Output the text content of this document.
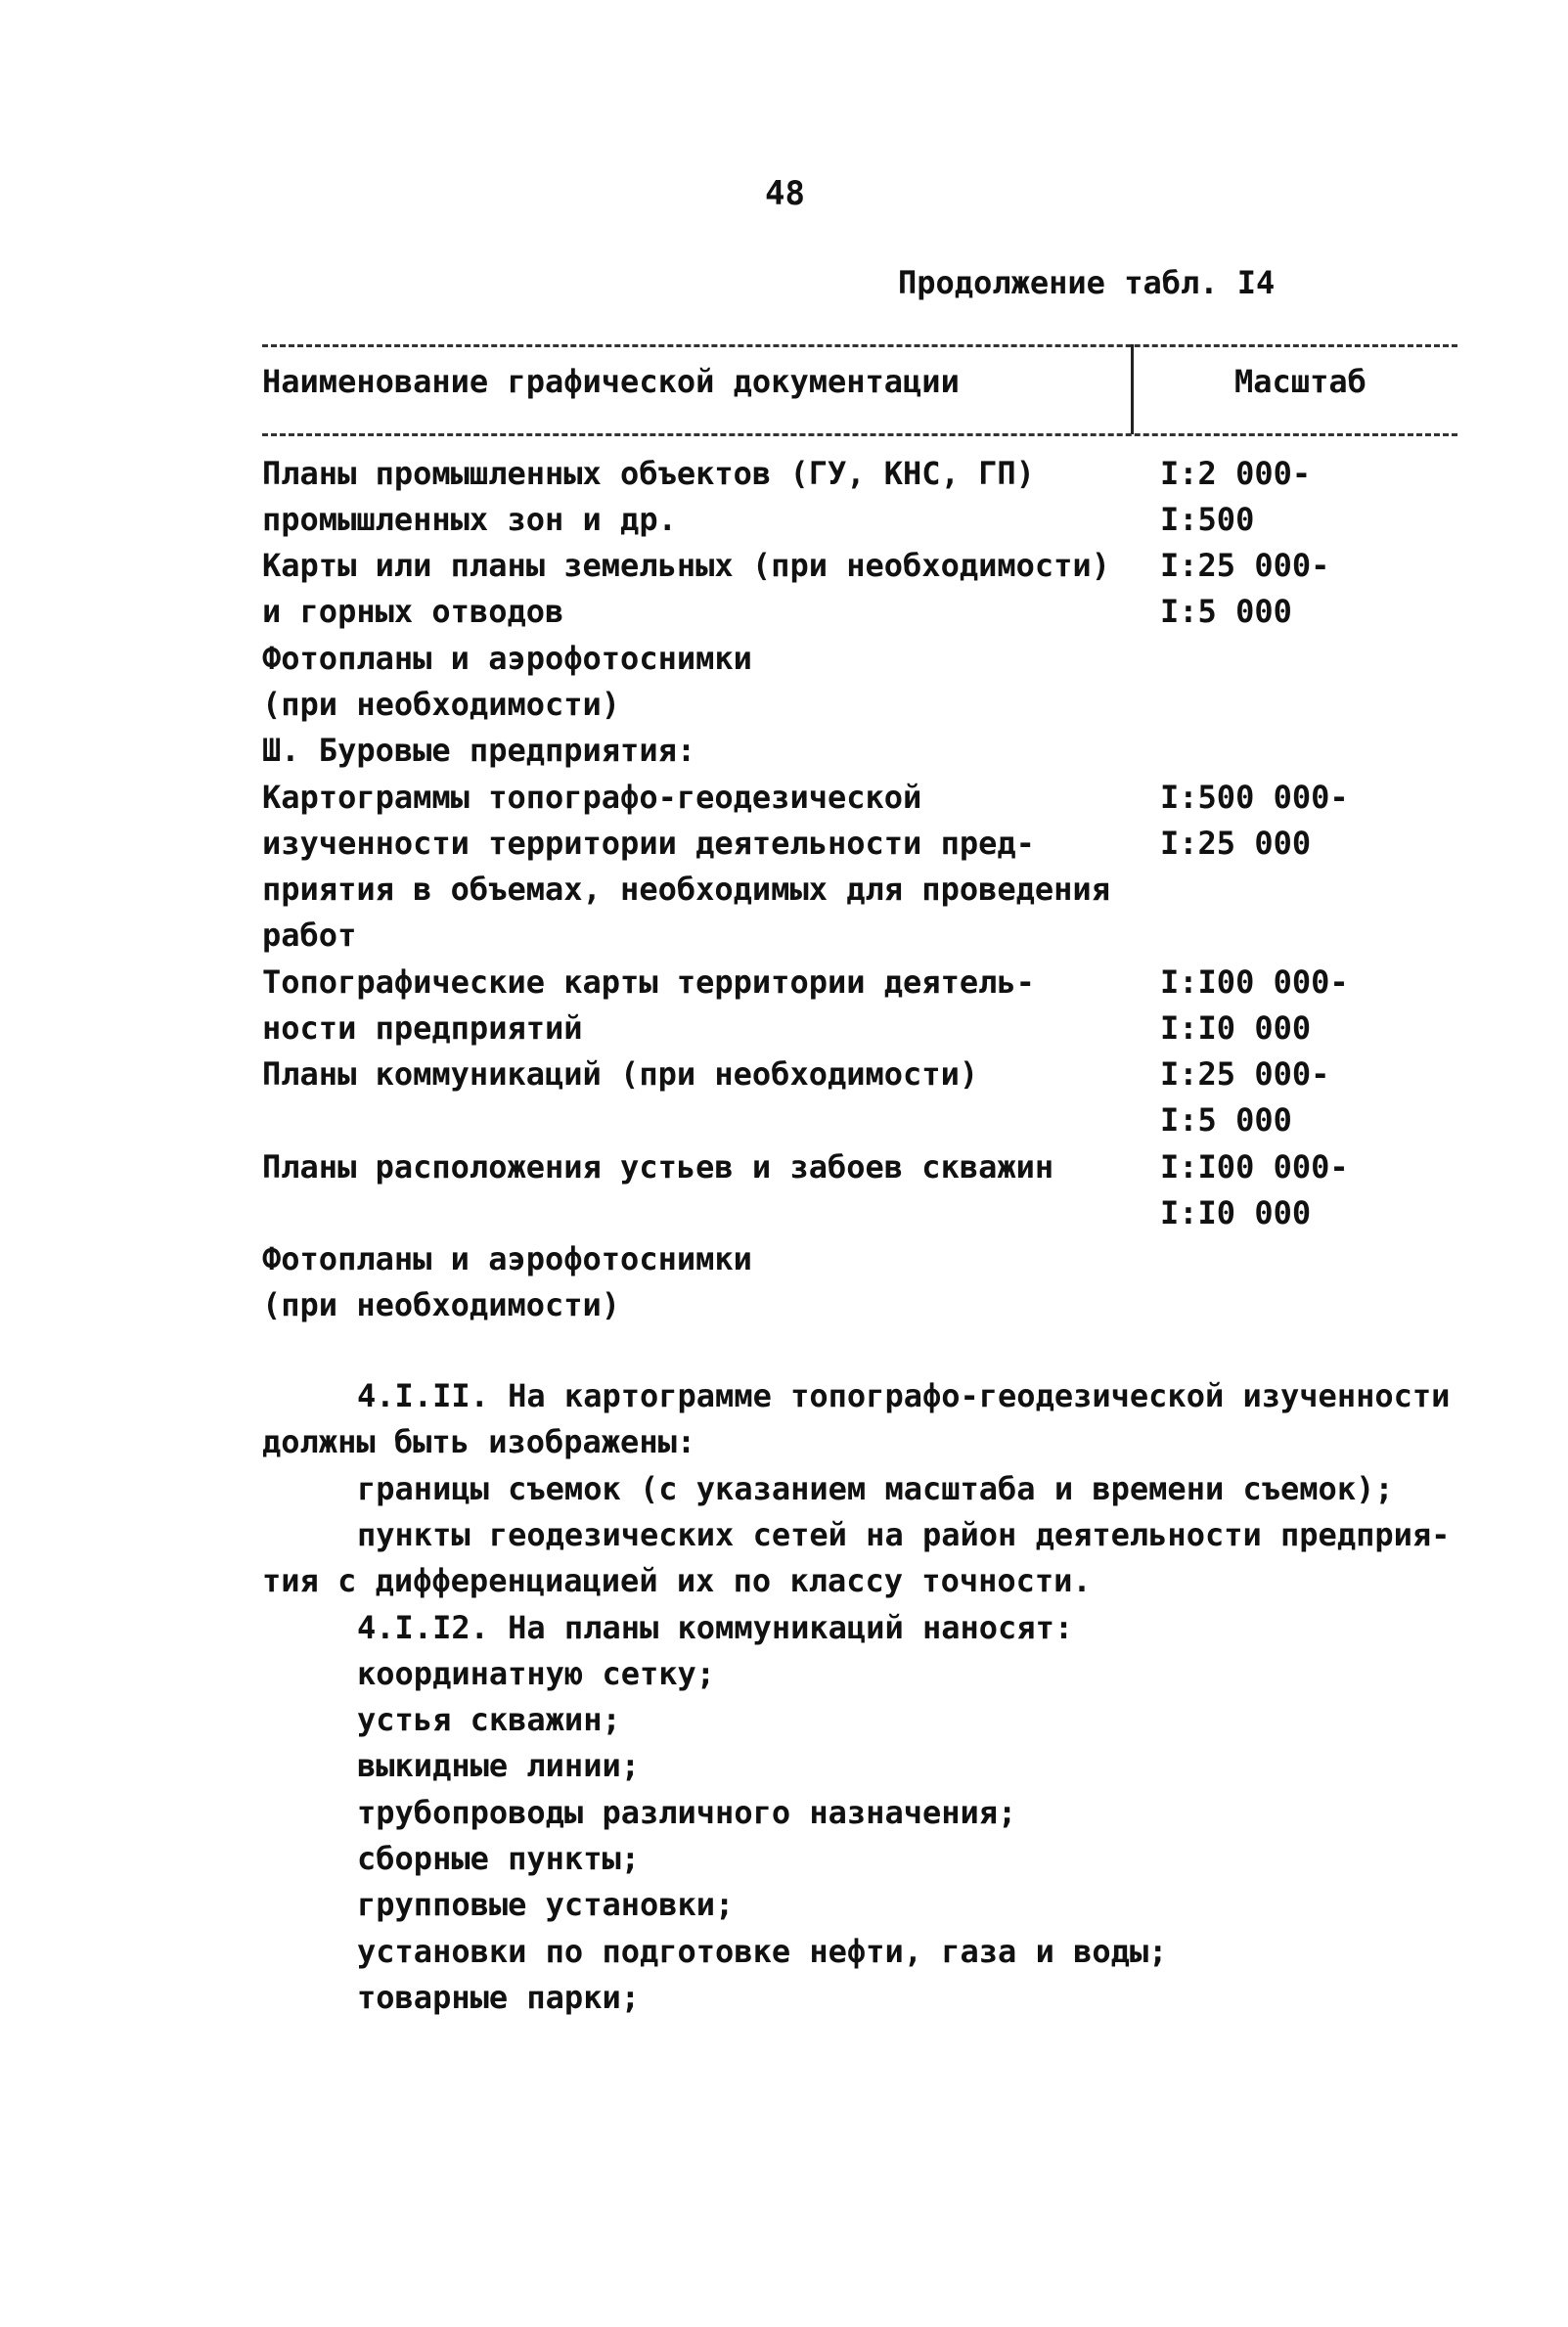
48
Продолжение табл. I4
Наименование графической документации	Масштаб
Планы промышленных объектов (ГУ, КНС, ГП)	I:2 000-
промышленных зон и др.	I:500
Карты или планы земельных (при необходимости) I:25 000-
и горных отводов	I:5 000
Фотопланы и аэрофотоснимки
(при необходимости)
Ш. Буровые предприятия:
Картограммы топографо-геодезической	I:500 000-
изученности территории деятельности пред-	I:25 000
приятия в объемах, необходимых для проведения
работ
Топографические карты территории деятель-	I:I00 000-
ности предприятий	I:I0 000
Планы коммуникаций (при необходимости)	I:25 000-
I:5 000
Планы расположения устьев и забоев скважин	I:I00 000-
I:I0 000
Фотопланы и аэрофотоснимки
(при необходимости)
4.I.II. На картограмме топографо-геодезической изученности
должны быть изображены:
границы съемок (с указанием масштаба и времени съемок);
пункты геодезических сетей на район деятельности предприя-
тия с дифференциацией их по классу точности.
4.I.I2. На планы коммуникаций наносят:
координатную сетку;
устья скважин;
выкидные линии;
трубопроводы различного назначения;
сборные пункты;
групповые установки;
установки по подготовке нефти, газа и воды;
товарные парки;
